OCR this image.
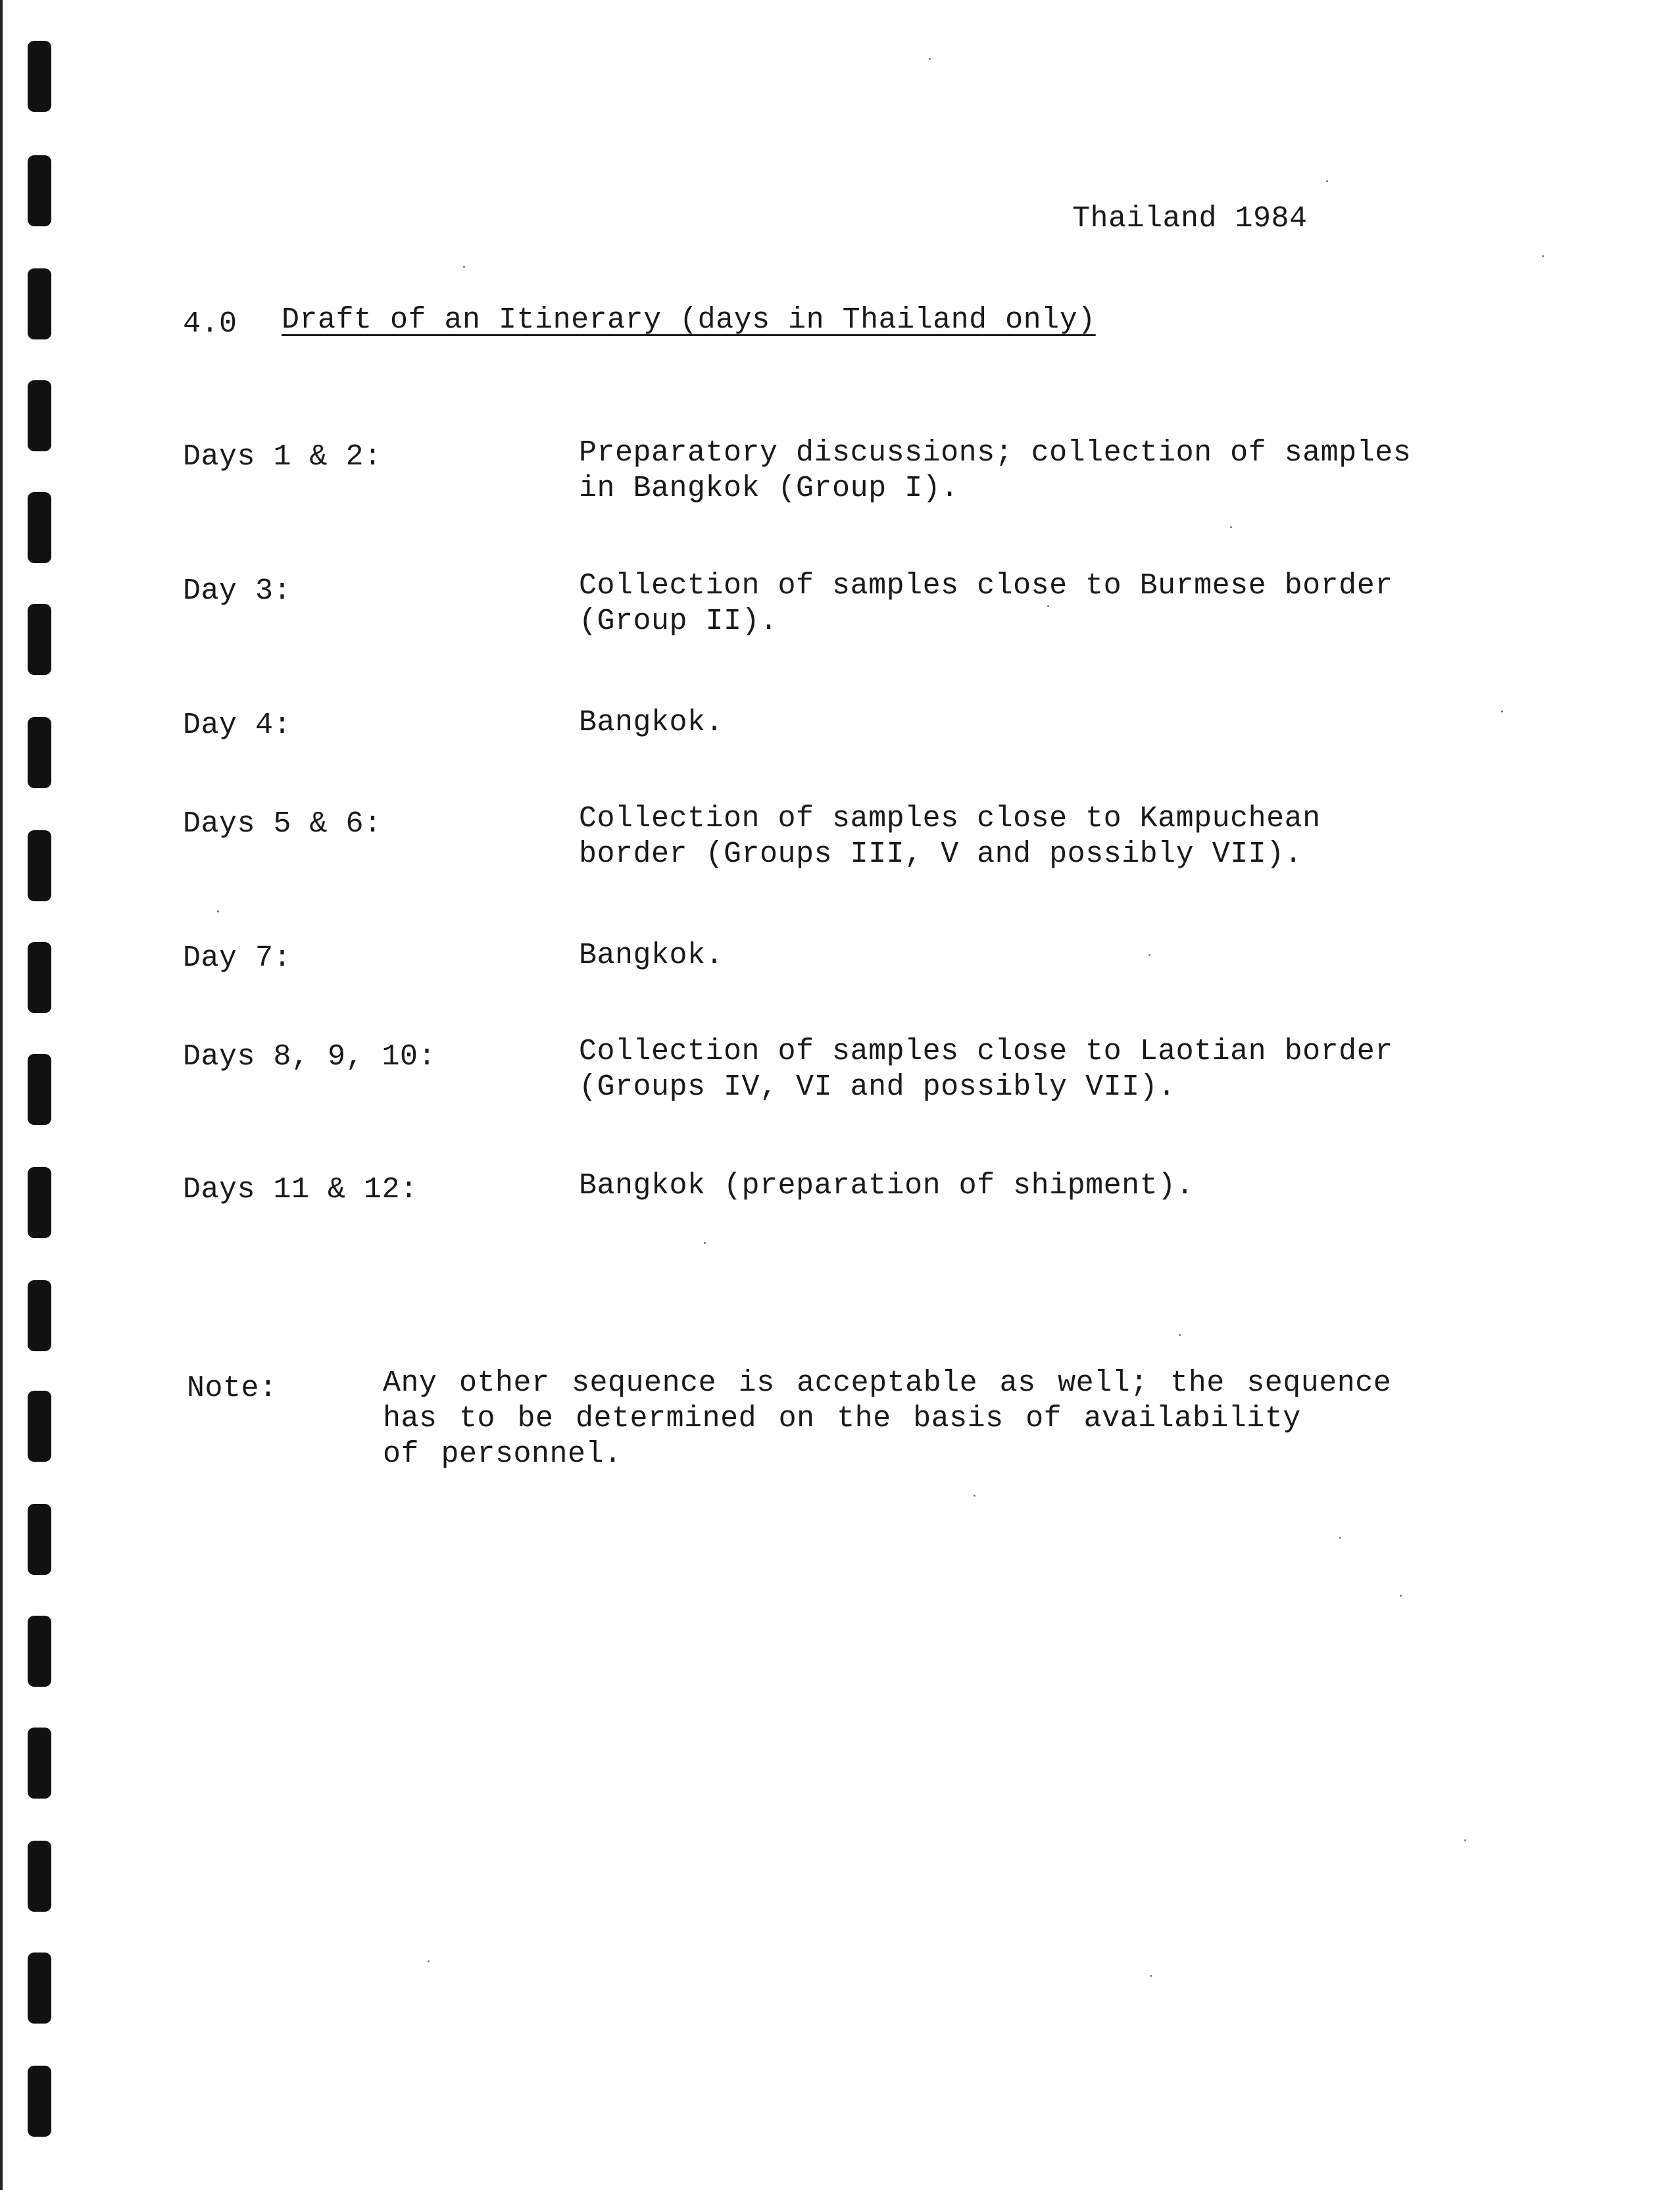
Thailand 1984
4.0 Draft of an Itinerary (days in Thailand only)
Days 1 & 2:	Preparatory discussions; collection of samples
in Bangkok (Group I).
Day 3:	Collection of samples close to Burmese border
(Group II).
Day 4:	Bangkok.
Days 5 & 6:	Collection of samples close to Kampuchean
border (Groups III, V and possibly VII).
Day 7:	Bangkok.
Days 8, 9, 10:	Collection of samples close to Laotian border
(Groups IV, VI and possibly VII).
Days 11 & 12:	Bangkok (preparation of shipment).
Note:	Any other sequence is acceptable as well; the sequence
has to be determined on the basis of availability
of personnel.
